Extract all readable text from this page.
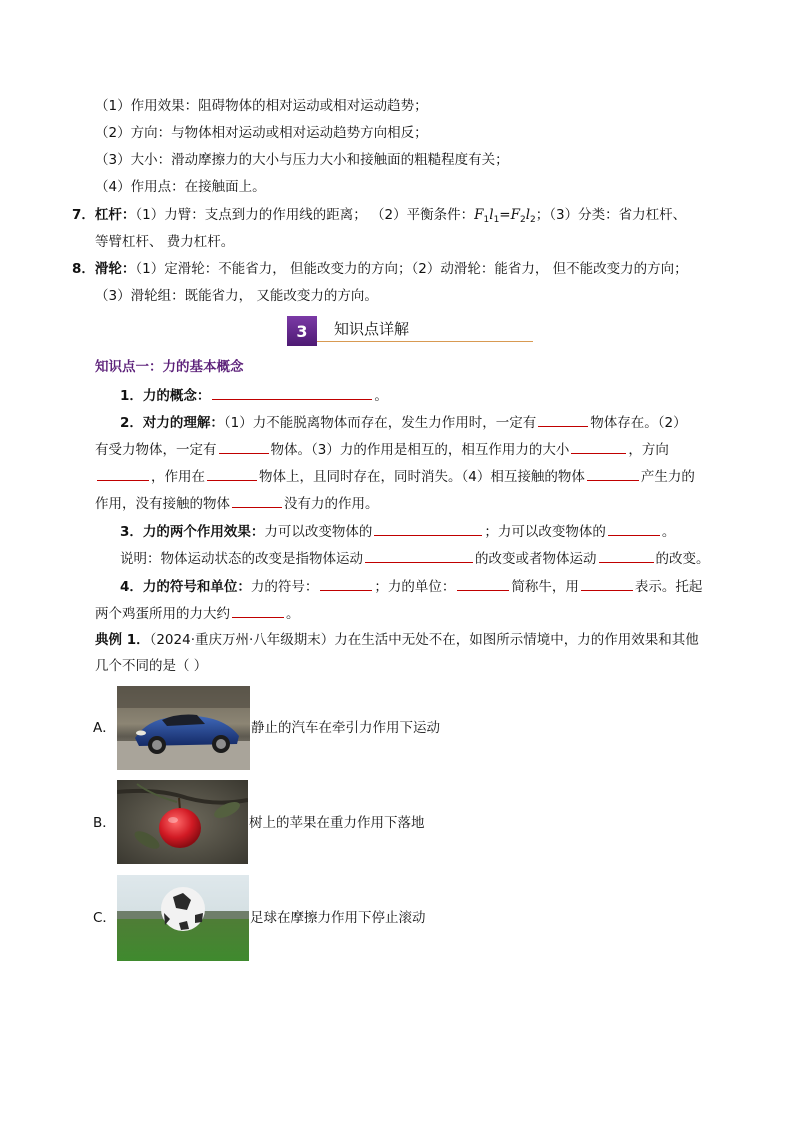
（1）作用效果：阻碍物体的相对运动或相对运动趋势；
（2）方向：与物体相对运动或相对运动趋势方向相反；
（3）大小：滑动摩擦力的大小与压力大小和接触面的粗糙程度有关；
（4）作用点：在接触面上。
7．杠杆：（1）力臂：支点到力的作用线的距离； （2）平衡条件：$F_1l_1=F_2l_2$；（3）分类：省力杠杆、
等臂杠杆、 费力杠杆。
8．滑轮：（1）定滑轮：不能省力， 但能改变力的方向；（2）动滑轮：能省力， 但不能改变力的方向；
（3）滑轮组：既能省力， 又能改变力的方向。
3	知识点详解
知识点一：力的基本概念
1．力的概念：	。
2．对力的理解：（1）力不能脱离物体而存在，发生力作用时，一定有	物体存在。（2）
有受力物体，一定有	物体。（3）力的作用是相互的，相互作用力的大小	，方向
，作用在	物体上，且同时存在，同时消失。（4）相互接触的物体	产生力的
作用，没有接触的物体	没有力的作用。
3．力的两个作用效果：力可以改变物体的	；力可以改变物体的	。
说明：物体运动状态的改变是指物体运动	的改变或者物体运动	的改变。
4．力的符号和单位：力的符号：	；力的单位：	简称牛，用	表示。托起
两个鸡蛋所用的力大约	。
典例 1．（2024·重庆万州·八年级期末）力在生活中无处不在，如图所示情境中，力的作用效果和其他
几个不同的是（ ）
A．	静止的汽车在牵引力作用下运动
B．	树上的苹果在重力作用下落地
C．	足球在摩擦力作用下停止滚动
